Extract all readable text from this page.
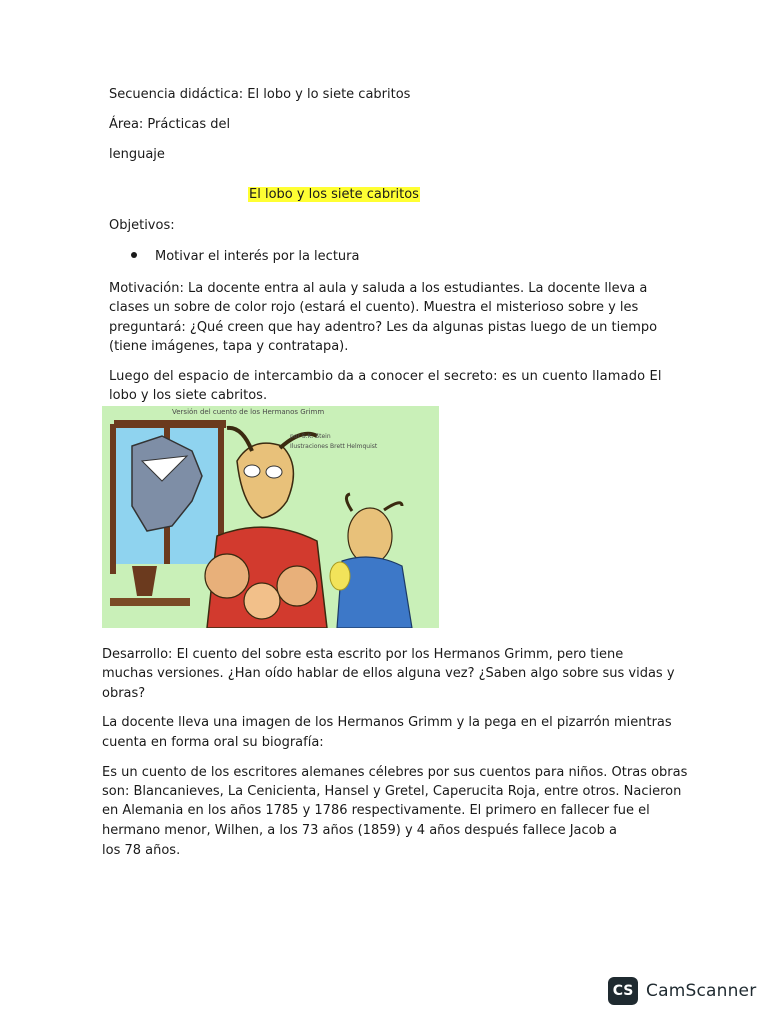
Secuencia didáctica: El lobo y lo siete cabritos

Área: Prácticas del

lenguaje

El lobo y los siete cabritos

Objetivos:

Motivar el interés por la lectura

Motivación: La docente entra al aula y saluda a los estudiantes. La docente lleva a

clases un sobre de color rojo (estará el cuento). Muestra el misterioso sobre y les

preguntará: ¿Qué creen que hay adentro? Les da algunas pistas luego de un tiempo

(tiene imágenes, tapa y contratapa).

Luego del espacio de intercambio da a conocer el secreto: es un cuento llamado El

lobo y los siete cabritos.

Versión del cuento de los Hermanos Grimm
por S.K. Stein
Ilustraciones Brett Helmquist

Desarrollo: El cuento del sobre esta escrito por los Hermanos Grimm, pero tiene

muchas versiones. ¿Han oído hablar de ellos alguna vez? ¿Saben algo sobre sus vidas y

obras?

La docente lleva una imagen de los Hermanos Grimm y la pega en el pizarrón mientras

cuenta en forma oral su biografía:

Es un cuento de los escritores alemanes célebres por sus cuentos para niños. Otras obras

son: Blancanieves, La Cenicienta, Hansel y Gretel, Caperucita Roja, entre otros. Nacieron

en Alemania en los años 1785 y 1786 respectivamente. El primero en fallecer fue el

hermano menor, Wilhen, a los 73 años (1859) y 4 años después fallece Jacob a

los 78 años.

CS CamScanner
